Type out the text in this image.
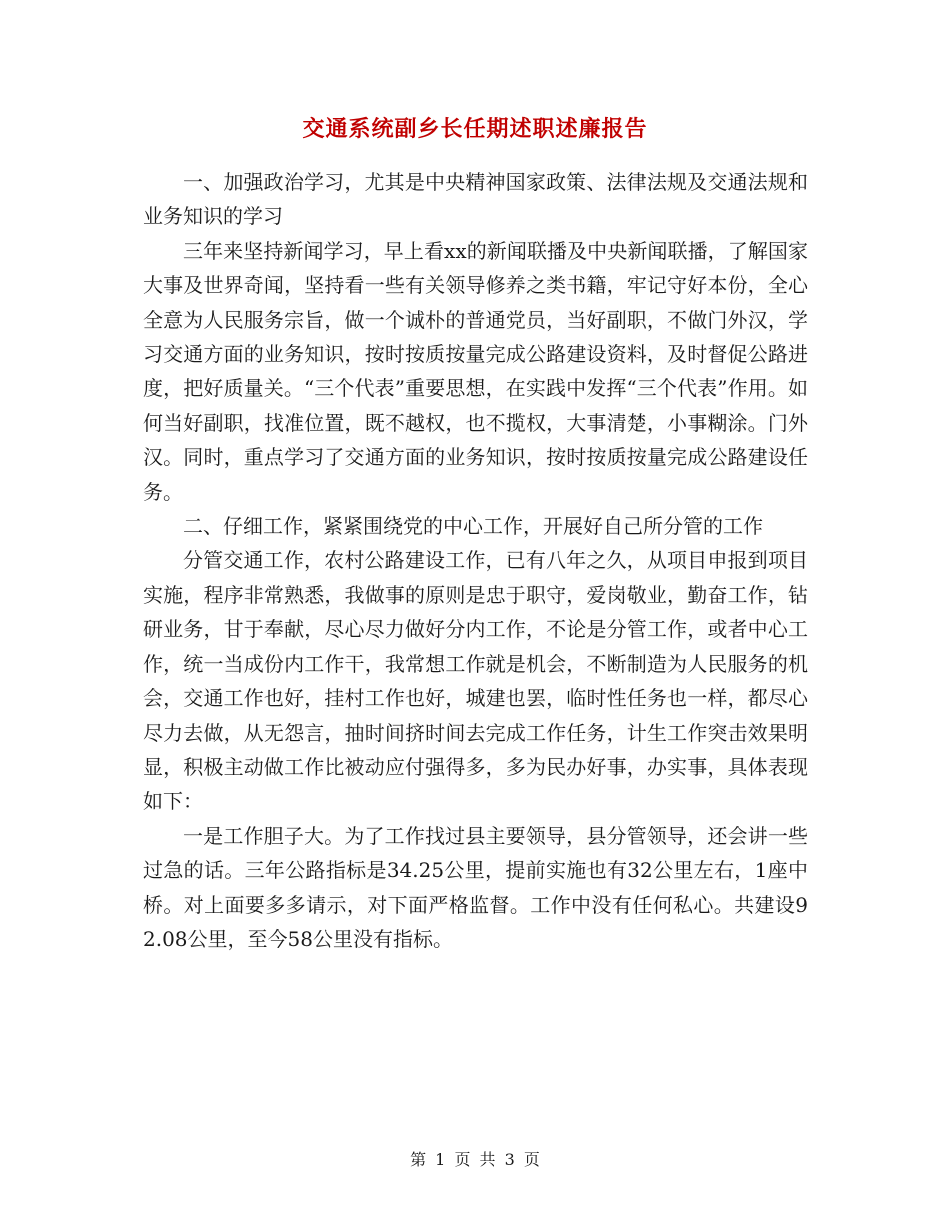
交通系统副乡长任期述职述廉报告

一、加强政治学习，尤其是中央精神国家政策、法律法规及交通法规和业务知识的学习

三年来坚持新闻学习，早上看xx的新闻联播及中央新闻联播，了解国家大事及世界奇闻，坚持看一些有关领导修养之类书籍，牢记守好本份，全心全意为人民服务宗旨，做一个诚朴的普通党员，当好副职，不做门外汉，学习交通方面的业务知识，按时按质按量完成公路建设资料，及时督促公路进度，把好质量关。“三个代表”重要思想，在实践中发挥“三个代表”作用。如何当好副职，找准位置，既不越权，也不揽权，大事清楚，小事糊涂。门外汉。同时，重点学习了交通方面的业务知识，按时按质按量完成公路建设任务。

二、仔细工作，紧紧围绕党的中心工作，开展好自己所分管的工作

分管交通工作，农村公路建设工作，已有八年之久，从项目申报到项目实施，程序非常熟悉，我做事的原则是忠于职守，爱岗敬业，勤奋工作，钻研业务，甘于奉献，尽心尽力做好分内工作，不论是分管工作，或者中心工作，统一当成份内工作干，我常想工作就是机会，不断制造为人民服务的机会，交通工作也好，挂村工作也好，城建也罢，临时性任务也一样，都尽心尽力去做，从无怨言，抽时间挤时间去完成工作任务，计生工作突击效果明显，积极主动做工作比被动应付强得多，多为民办好事，办实事，具体表现如下：

一是工作胆子大。为了工作找过县主要领导，县分管领导，还会讲一些过急的话。三年公路指标是34.25公里，提前实施也有32公里左右，1座中桥。对上面要多多请示，对下面严格监督。工作中没有任何私心。共建设92.08公里，至今58公里没有指标。

第 1 页 共 3 页
